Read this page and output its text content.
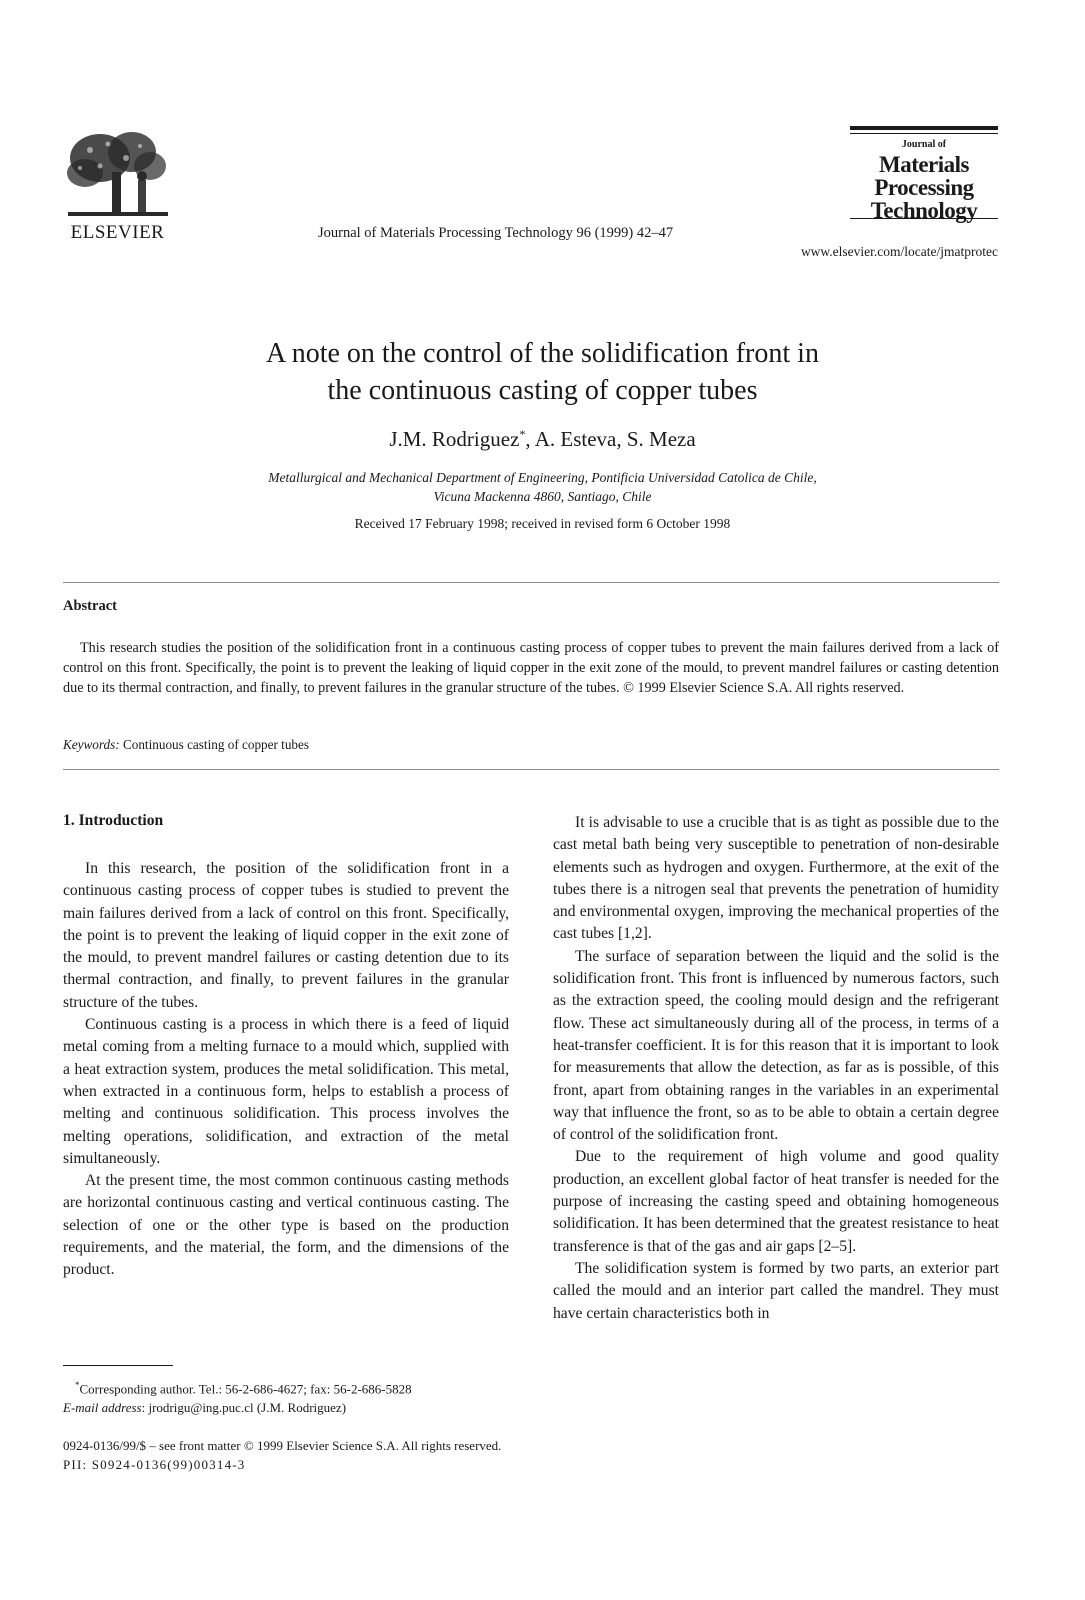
ELSEVIER	Journal of Materials Processing Technology 96 (1999) 42–47
Journal of
Materials
Processing
Technology
www.elsevier.com/locate/jmatprotec
A note on the control of the solidification front in
the continuous casting of copper tubes
J.M. Rodriguez*, A. Esteva, S. Meza
Metallurgical and Mechanical Department of Engineering, Pontificia Universidad Catolica de Chile,
Vicuna Mackenna 4860, Santiago, Chile
Received 17 February 1998; received in revised form 6 October 1998
Abstract
This research studies the position of the solidification front in a continuous casting process of copper tubes to prevent the main failures derived from a lack of control on this front. Specifically, the point is to prevent the leaking of liquid copper in the exit zone of the mould, to prevent mandrel failures or casting detention due to its thermal contraction, and finally, to prevent failures in the granular structure of the tubes. © 1999 Elsevier Science S.A. All rights reserved.
Keywords: Continuous casting of copper tubes
1. Introduction

In this research, the position of the solidification front in a continuous casting process of copper tubes is studied to prevent the main failures derived from a lack of control on this front. Specifically, the point is to prevent the leaking of liquid copper in the exit zone of the mould, to prevent mandrel failures or casting detention due to its thermal contraction, and finally, to prevent failures in the granular structure of the tubes.

Continuous casting is a process in which there is a feed of liquid metal coming from a melting furnace to a mould which, supplied with a heat extraction system, produces the metal solidification. This metal, when extracted in a continuous form, helps to establish a process of melting and continuous solidification. This process involves the melting operations, solidification, and extraction of the metal simultaneously.

At the present time, the most common continuous casting methods are horizontal continuous casting and vertical continuous casting. The selection of one or the other type is based on the production requirements, and the material, the form, and the dimensions of the product.

It is advisable to use a crucible that is as tight as possible due to the cast metal bath being very susceptible to penetration of non-desirable elements such as hydrogen and oxygen. Furthermore, at the exit of the tubes there is a nitrogen seal that prevents the penetration of humidity and environmental oxygen, improving the mechanical properties of the cast tubes [1,2].

The surface of separation between the liquid and the solid is the solidification front. This front is influenced by numerous factors, such as the extraction speed, the cooling mould design and the refrigerant flow. These act simultaneously during all of the process, in terms of a heat-transfer coefficient. It is for this reason that it is important to look for measurements that allow the detection, as far as is possible, of this front, apart from obtaining ranges in the variables in an experimental way that influence the front, so as to be able to obtain a certain degree of control of the solidification front.

Due to the requirement of high volume and good quality production, an excellent global factor of heat transfer is needed for the purpose of increasing the casting speed and obtaining homogeneous solidification. It has been determined that the greatest resistance to heat transference is that of the gas and air gaps [2–5].

The solidification system is formed by two parts, an exterior part called the mould and an interior part called the mandrel. They must have certain characteristics both in

*Corresponding author. Tel.: 56-2-686-4627; fax: 56-2-686-5828
E-mail address: jrodrigu@ing.puc.cl (J.M. Rodriguez)
0924-0136/99/$ – see front matter © 1999 Elsevier Science S.A. All rights reserved.
PII: S0924-0136(99)00314-3
